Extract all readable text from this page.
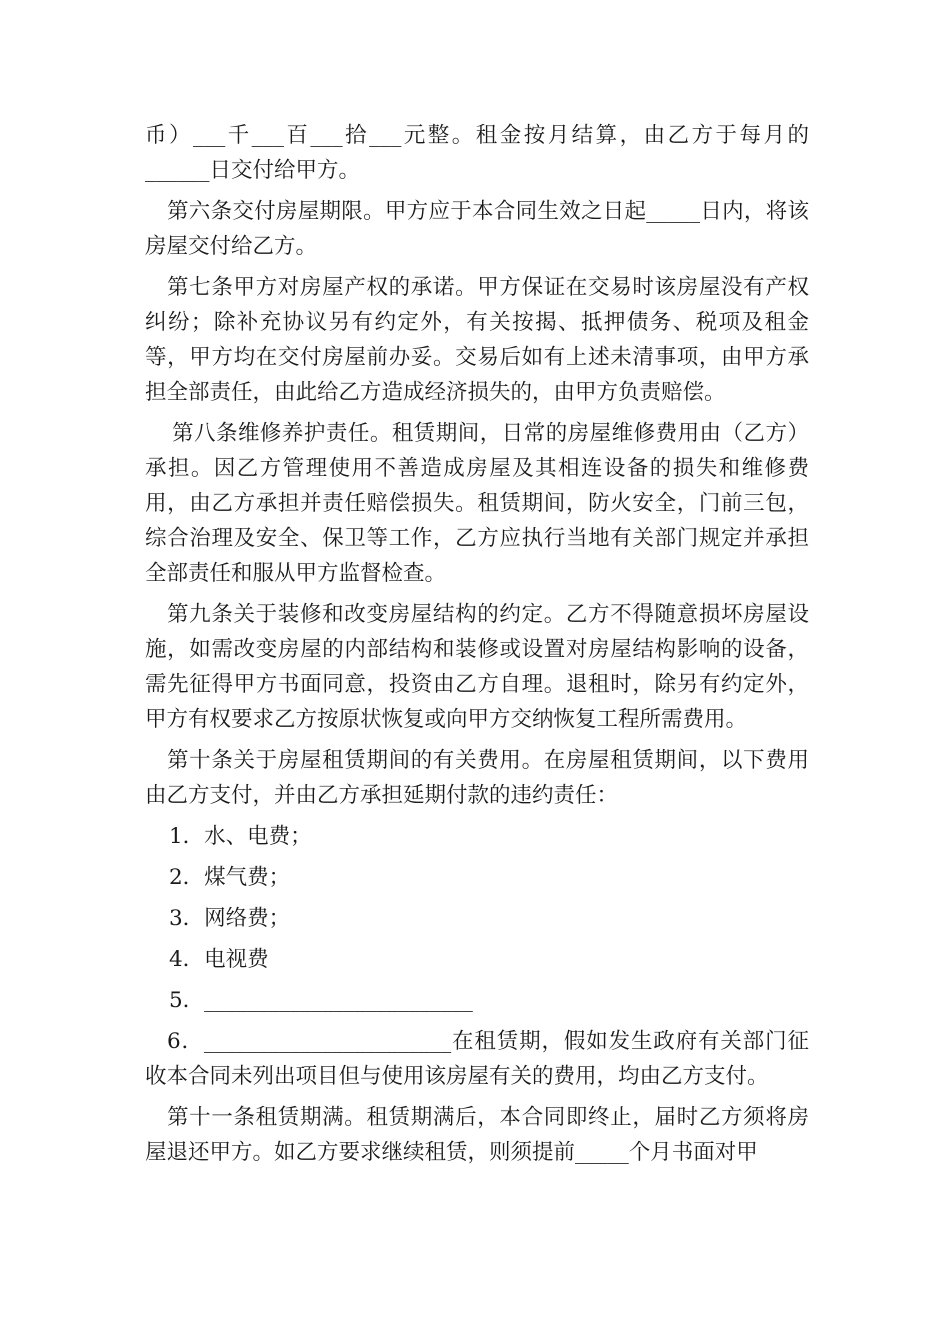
币）___千___百___拾___元整。租金按月结算，由乙方于每月的______日交付给甲方。

第六条交付房屋期限。甲方应于本合同生效之日起_____日内，将该房屋交付给乙方。

第七条甲方对房屋产权的承诺。甲方保证在交易时该房屋没有产权纠纷；除补充协议另有约定外，有关按揭、抵押债务、税项及租金等，甲方均在交付房屋前办妥。交易后如有上述未清事项，由甲方承担全部责任，由此给乙方造成经济损失的，由甲方负责赔偿。

第八条维修养护责任。租赁期间，日常的房屋维修费用由（乙方）承担。因乙方管理使用不善造成房屋及其相连设备的损失和维修费用，由乙方承担并责任赔偿损失。租赁期间，防火安全，门前三包，综合治理及安全、保卫等工作，乙方应执行当地有关部门规定并承担全部责任和服从甲方监督检查。

第九条关于装修和改变房屋结构的约定。乙方不得随意损坏房屋设施，如需改变房屋的内部结构和装修或设置对房屋结构影响的设备，需先征得甲方书面同意，投资由乙方自理。退租时，除另有约定外，甲方有权要求乙方按原状恢复或向甲方交纳恢复工程所需费用。

第十条关于房屋租赁期间的有关费用。在房屋租赁期间，以下费用由乙方支付，并由乙方承担延期付款的违约责任：

1．水、电费；

2．煤气费；

3．网络费；

4．电视费

5．_________________________

6．_______________________在租赁期，假如发生政府有关部门征收本合同未列出项目但与使用该房屋有关的费用，均由乙方支付。

第十一条租赁期满。租赁期满后，本合同即终止，届时乙方须将房屋退还甲方。如乙方要求继续租赁，则须提前_____个月书面对甲
